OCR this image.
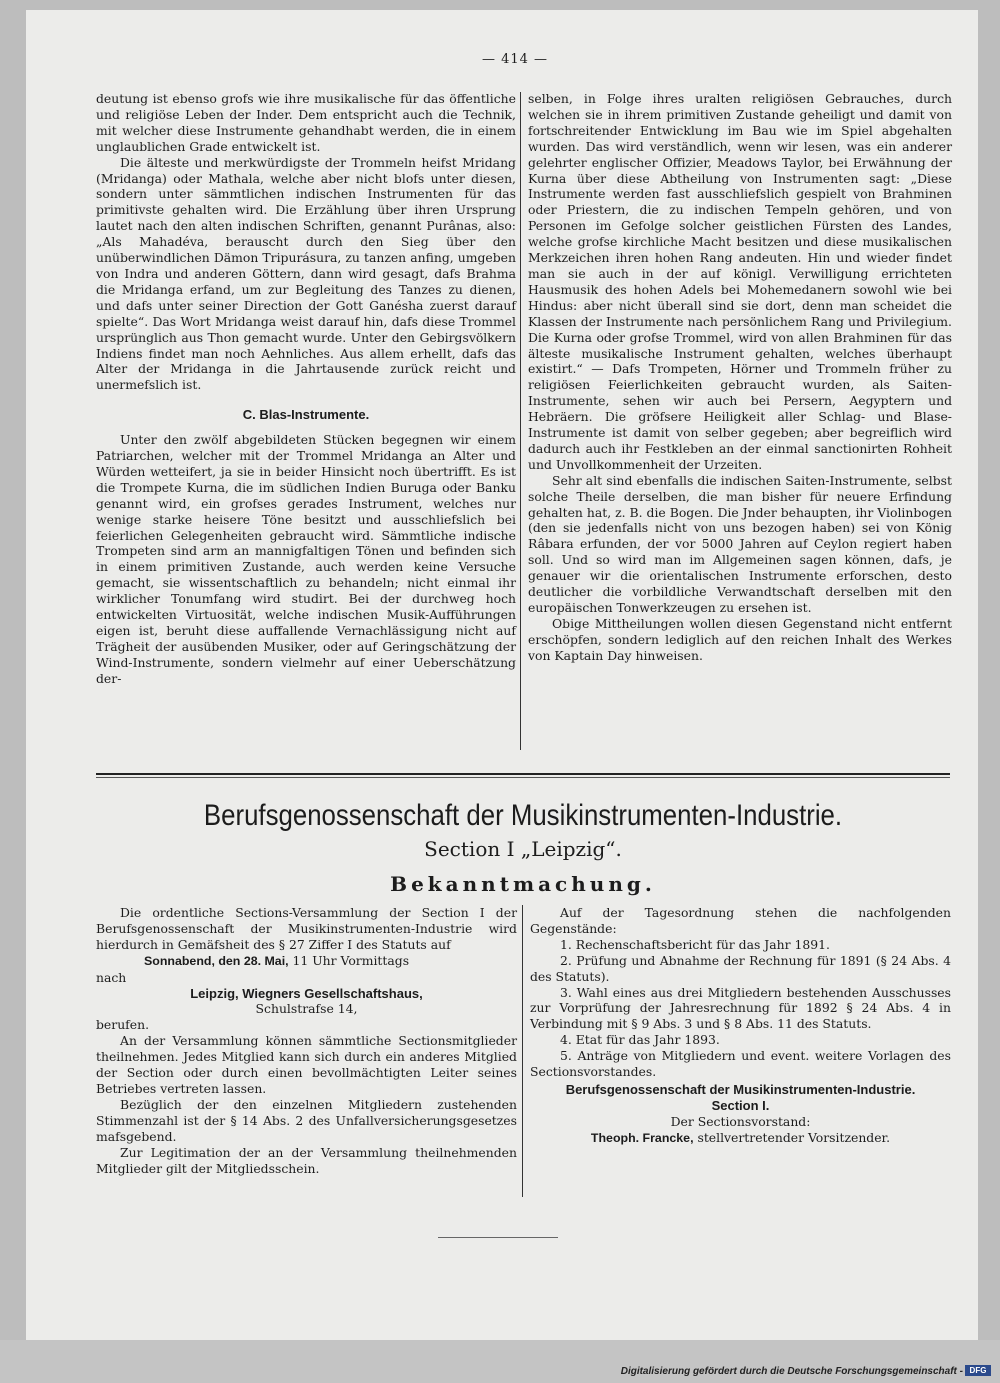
— 414 —

deutung ist ebenso grofs wie ihre musikalische für das öffentliche und religiöse Leben der Inder. Dem entspricht auch die Technik, mit welcher diese Instrumente gehandhabt werden, die in einem unglaublichen Grade entwickelt ist.

Die älteste und merkwürdigste der Trommeln heifst Mridang (Mridanga) oder Mathala, welche aber nicht blofs unter diesen, sondern unter sämmtlichen indischen Instrumenten für das primitivste gehalten wird. Die Erzählung über ihren Ursprung lautet nach den alten indischen Schriften, genannt Purânas, also: „Als Mahadéva, berauscht durch den Sieg über den unüberwindlichen Dämon Tripurásura, zu tanzen anfing, umgeben von Indra und anderen Göttern, dann wird gesagt, dafs Brahma die Mridanga erfand, um zur Begleitung des Tanzes zu dienen, und dafs unter seiner Direction der Gott Ganésha zuerst darauf spielte“. Das Wort Mridanga weist darauf hin, dafs diese Trommel ursprünglich aus Thon gemacht wurde. Unter den Gebirgsvölkern Indiens findet man noch Aehnliches. Aus allem erhellt, dafs das Alter der Mridanga in die Jahrtausende zurück reicht und unermefslich ist.

C. Blas-Instrumente.

Unter den zwölf abgebildeten Stücken begegnen wir einem Patriarchen, welcher mit der Trommel Mridanga an Alter und Würden wetteifert, ja sie in beider Hinsicht noch übertrifft. Es ist die Trompete Kurna, die im südlichen Indien Buruga oder Banku genannt wird, ein grofses gerades Instrument, welches nur wenige starke heisere Töne besitzt und ausschliefslich bei feierlichen Gelegenheiten gebraucht wird. Sämmtliche indische Trompeten sind arm an mannigfaltigen Tönen und befinden sich in einem primitiven Zustande, auch werden keine Versuche gemacht, sie wissentschaftlich zu behandeln; nicht einmal ihr wirklicher Tonumfang wird studirt. Bei der durchweg hoch entwickelten Virtuosität, welche indischen Musik-Aufführungen eigen ist, beruht diese auffallende Vernachlässigung nicht auf Trägheit der ausübenden Musiker, oder auf Geringschätzung der Wind-Instrumente, sondern vielmehr auf einer Ueberschätzung der-

selben, in Folge ihres uralten religiösen Gebrauches, durch welchen sie in ihrem primitiven Zustande geheiligt und damit von fortschreitender Entwicklung im Bau wie im Spiel abgehalten wurden. Das wird verständlich, wenn wir lesen, was ein anderer gelehrter englischer Offizier, Meadows Taylor, bei Erwähnung der Kurna über diese Abtheilung von Instrumenten sagt: „Diese Instrumente werden fast ausschliefslich gespielt von Brahminen oder Priestern, die zu indischen Tempeln gehören, und von Personen im Gefolge solcher geistlichen Fürsten des Landes, welche grofse kirchliche Macht besitzen und diese musikalischen Merkzeichen ihren hohen Rang andeuten. Hin und wieder findet man sie auch in der auf königl. Verwilligung errichteten Hausmusik des hohen Adels bei Mohemedanern sowohl wie bei Hindus: aber nicht überall sind sie dort, denn man scheidet die Klassen der Instrumente nach persönlichem Rang und Privilegium. Die Kurna oder grofse Trommel, wird von allen Brahminen für das älteste musikalische Instrument gehalten, welches überhaupt existirt.“ — Dafs Trompeten, Hörner und Trommeln früher zu religiösen Feierlichkeiten gebraucht wurden, als Saiten-Instrumente, sehen wir auch bei Persern, Aegyptern und Hebräern. Die gröfsere Heiligkeit aller Schlag- und Blase-Instrumente ist damit von selber gegeben; aber begreiflich wird dadurch auch ihr Festkleben an der einmal sanctionirten Rohheit und Unvollkommenheit der Urzeiten.

Sehr alt sind ebenfalls die indischen Saiten-Instrumente, selbst solche Theile derselben, die man bisher für neuere Erfindung gehalten hat, z. B. die Bogen. Die Jnder behaupten, ihr Violinbogen (den sie jedenfalls nicht von uns bezogen haben) sei von König Râbara erfunden, der vor 5000 Jahren auf Ceylon regiert haben soll. Und so wird man im Allgemeinen sagen können, dafs, je genauer wir die orientalischen Instrumente erforschen, desto deutlicher die vorbildliche Verwandtschaft derselben mit den europäischen Tonwerkzeugen zu ersehen ist.

Obige Mittheilungen wollen diesen Gegenstand nicht entfernt erschöpfen, sondern lediglich auf den reichen Inhalt des Werkes von Kaptain Day hinweisen.

Berufsgenossenschaft der Musikinstrumenten-Industrie.
Section I „Leipzig“.
Bekanntmachung.

Die ordentliche Sections-Versammlung der Section I der Berufsgenossenschaft der Musikinstrumenten-Industrie wird hierdurch in Gemäfsheit des § 27 Ziffer I des Statuts auf

Sonnabend, den 28. Mai, 11 Uhr Vormittags

nach

Leipzig, Wiegners Gesellschaftshaus,

Schulstrafse 14,

berufen.

An der Versammlung können sämmtliche Sectionsmitglieder theilnehmen. Jedes Mitglied kann sich durch ein anderes Mitglied der Section oder durch einen bevollmächtigten Leiter seines Betriebes vertreten lassen.

Bezüglich der den einzelnen Mitgliedern zustehenden Stimmenzahl ist der § 14 Abs. 2 des Unfallversicherungsgesetzes mafsgebend.

Zur Legitimation der an der Versammlung theilnehmenden Mitglieder gilt der Mitgliedsschein.

Auf der Tagesordnung stehen die nachfolgenden Gegenstände:

1. Rechenschaftsbericht für das Jahr 1891.

2. Prüfung und Abnahme der Rechnung für 1891 (§ 24 Abs. 4 des Statuts).

3. Wahl eines aus drei Mitgliedern bestehenden Ausschusses zur Vorprüfung der Jahresrechnung für 1892 § 24 Abs. 4 in Verbindung mit § 9 Abs. 3 und § 8 Abs. 11 des Statuts.

4. Etat für das Jahr 1893.

5. Anträge von Mitgliedern und event. weitere Vorlagen des Sectionsvorstandes.

Berufsgenossenschaft der Musikinstrumenten-Industrie.

Section I.

Der Sectionsvorstand:

Theoph. Francke, stellvertretender Vorsitzender.

Digitalisierung gefördert durch die Deutsche Forschungsgemeinschaft - DFG
